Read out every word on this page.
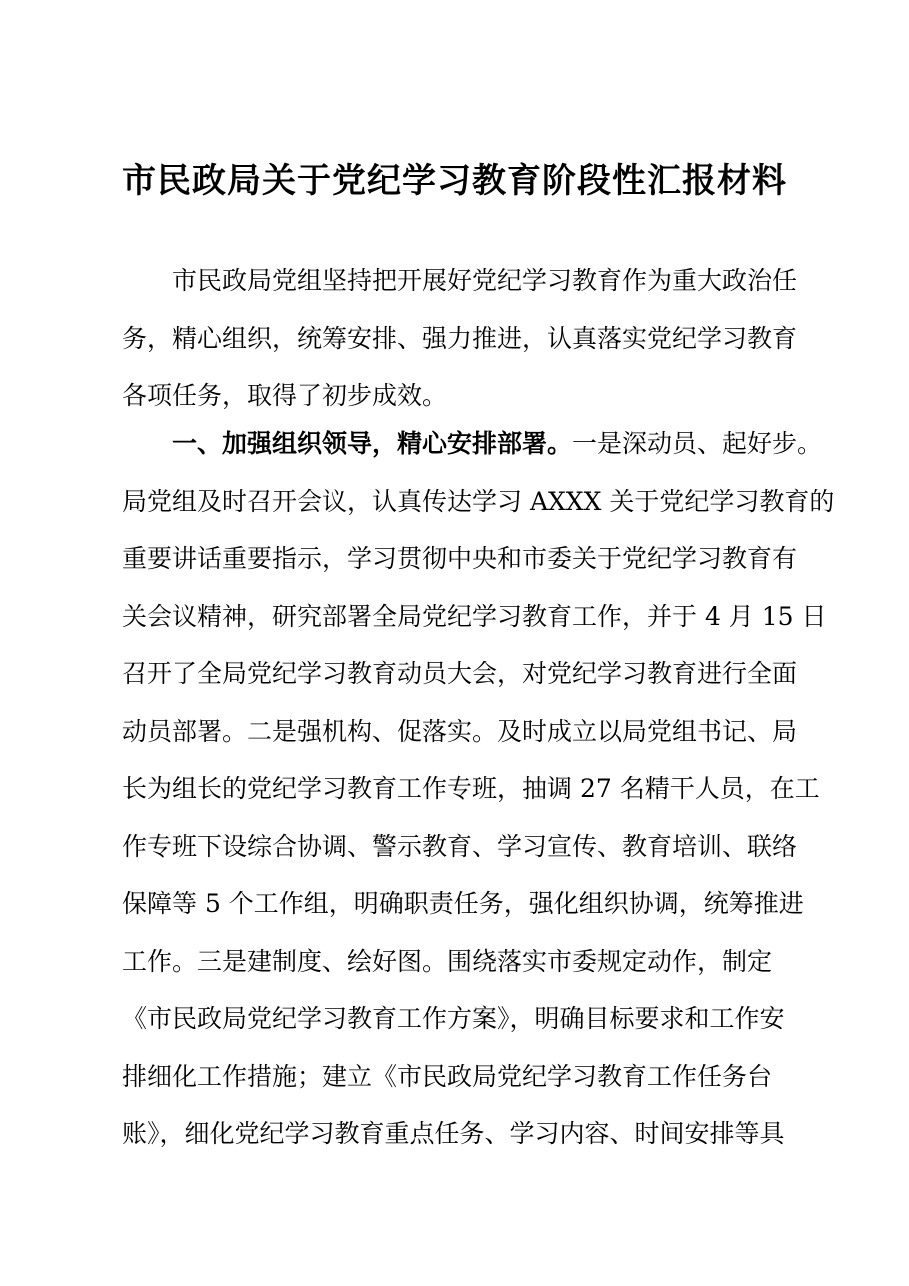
市民政局关于党纪学习教育阶段性汇报材料
市民政局党组坚持把开展好党纪学习教育作为重大政治任
务，精心组织，统筹安排、强力推进，认真落实党纪学习教育
各项任务，取得了初步成效。
一、加强组织领导，精心安排部署。一是深动员、起好步。
局党组及时召开会议，认真传达学习 AXXX 关于党纪学习教育的
重要讲话重要指示，学习贯彻中央和市委关于党纪学习教育有
关会议精神，研究部署全局党纪学习教育工作，并于 4 月 15 日
召开了全局党纪学习教育动员大会，对党纪学习教育进行全面
动员部署。二是强机构、促落实。及时成立以局党组书记、局
长为组长的党纪学习教育工作专班，抽调 27 名精干人员，在工
作专班下设综合协调、警示教育、学习宣传、教育培训、联络
保障等 5 个工作组，明确职责任务，强化组织协调，统筹推进
工作。三是建制度、绘好图。围绕落实市委规定动作，制定
《市民政局党纪学习教育工作方案》，明确目标要求和工作安
排细化工作措施；建立《市民政局党纪学习教育工作任务台
账》，细化党纪学习教育重点任务、学习内容、时间安排等具
